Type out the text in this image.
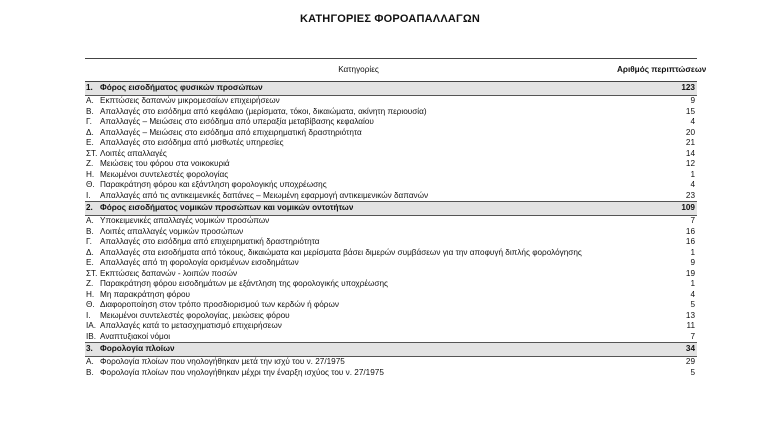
ΚΑΤΗΓΟΡΙΕΣ ΦΟΡΟΑΠΑΛΛΑΓΩΝ
	Κατηγορίες	Αριθμός περιπτώσεων
1.	Φόρος εισοδήματος φυσικών προσώπων	123
Α.	Εκπτώσεις δαπανών μικρομεσαίων επιχειρήσεων	9
Β.	Απαλλαγές στο εισόδημα από κεφάλαιο (μερίσματα, τόκοι, δικαιώματα, ακίνητη περιουσία)	15
Γ.	Απαλλαγές – Μειώσεις στο εισόδημα από υπεραξία μεταβίβασης κεφαλαίου	4
Δ.	Απαλλαγές – Μειώσεις στο εισόδημα από επιχειρηματική δραστηριότητα	20
Ε.	Απαλλαγές στο εισόδημα από μισθωτές υπηρεσίες	21
ΣΤ.	Λοιπές απαλλαγές	14
Ζ.	Μειώσεις του φόρου στα νοικοκυριά	12
Η.	Μειωμένοι συντελεστές φορολογίας	1
Θ.	Παρακράτηση φόρου και εξάντληση φορολογικής υποχρέωσης	4
Ι.	Απαλλαγές από τις αντικειμενικές δαπάνες – Μειωμένη εφαρμογή αντικειμενικών δαπανών	23
2.	Φόρος εισοδήματος νομικών προσώπων και νομικών οντοτήτων	109
Α.	Υποκειμενικές απαλλαγές νομικών προσώπων	7
Β.	Λοιπές απαλλαγές νομικών προσώπων	16
Γ.	Απαλλαγές στο εισόδημα από επιχειρηματική δραστηριότητα	16
Δ.	Απαλλαγές στα εισοδήματα από τόκους, δικαιώματα και μερίσματα βάσει διμερών συμβάσεων για την αποφυγή διπλής φορολόγησης	1
Ε.	Απαλλαγές από τη φορολογία ορισμένων εισοδημάτων	9
ΣΤ.	Εκπτώσεις δαπανών - λοιπών ποσών	19
Ζ.	Παρακράτηση φόρου εισοδημάτων με εξάντληση της φορολογικής υποχρέωσης	1
Η.	Μη παρακράτηση φόρου	4
Θ.	Διαφοροποίηση στον τρόπο προσδιορισμού των κερδών ή φόρων	5
Ι.	Μειωμένοι συντελεστές φορολογίας, μειώσεις φόρου	13
ΙΑ.	Απαλλαγές κατά το μετασχηματισμό επιχειρήσεων	11
ΙΒ.	Αναπτυξιακοί νόμοι	7
3.	Φορολογία πλοίων	34
Α.	Φορολογία πλοίων που νηολογήθηκαν μετά την ισχύ του ν. 27/1975	29
Β.	Φορολογία πλοίων που νηολογήθηκαν μέχρι την έναρξη ισχύος του ν. 27/1975	5
